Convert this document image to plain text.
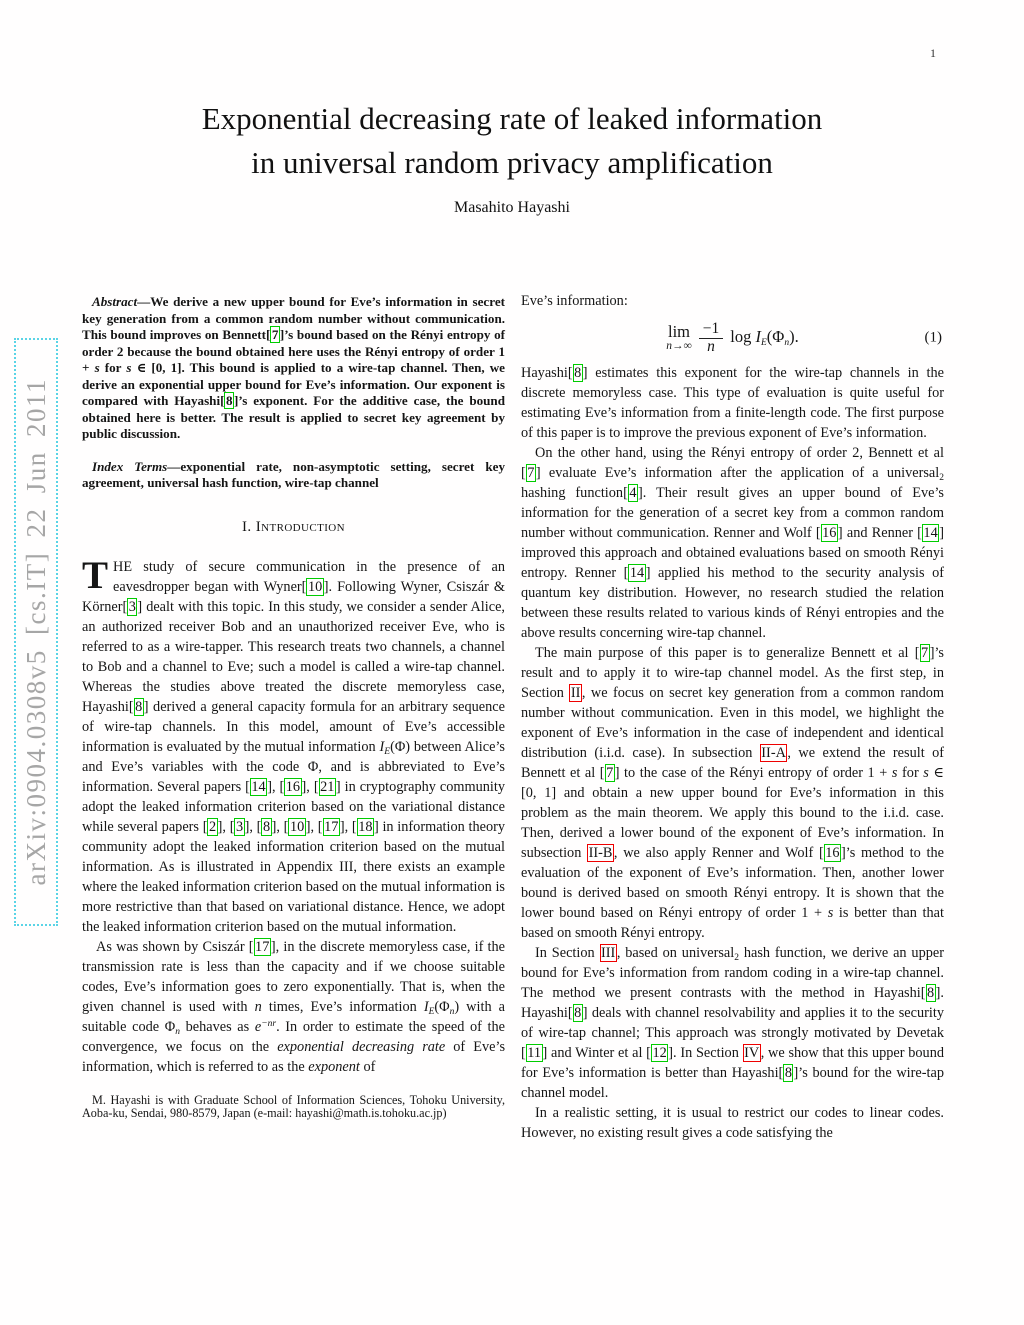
1
arXiv:0904.0308v5 [cs.IT] 22 Jun 2011
Exponential decreasing rate of leaked information
in universal random privacy amplification
Masahito Hayashi

Abstract—We derive a new upper bound for Eve’s information in secret key generation from a common random number without communication. This bound improves on Bennett[ 7 ]’s bound based on the Rényi entropy of order 2 because the bound obtained here uses the Rényi entropy of order 1 + s for s ∈ [0, 1]. This bound is applied to a wire-tap channel. Then, we derive an exponential upper bound for Eve’s information. Our exponent is compared with Hayashi[ 8 ]’s exponent. For the additive case, the bound obtained here is better. The result is applied to secret key agreement by public discussion.

Index Terms—exponential rate, non-asymptotic setting, secret key agreement, universal hash function, wire-tap channel

I. Introduction

THE study of secure communication in the presence of an eavesdropper began with Wyner[ 10 ]. Following Wyner, Csiszár & Körner[ 3 ] dealt with this topic. In this study, we consider a sender Alice, an authorized receiver Bob and an unauthorized receiver Eve, who is referred to as a wire-tapper. This research treats two channels, a channel to Bob and a channel to Eve; such a model is called a wire-tap channel. Whereas the studies above treated the discrete memoryless case, Hayashi[ 8 ] derived a general capacity formula for an arbitrary sequence of wire-tap channels. In this model, amount of Eve’s accessible information is evaluated by the mutual information $I_E(\Phi)$ between Alice’s and Eve’s variables with the code Φ, and is abbreviated to Eve’s information. Several papers [ 14 ], [ 16 ], [ 21 ] in cryptography community adopt the leaked information criterion based on the variational distance while several papers [ 2 ], [ 3 ], [ 8 ], [ 10 ], [ 17 ], [ 18 ] in information theory community adopt the leaked information criterion based on the mutual information. As is illustrated in Appendix III, there exists an example where the leaked information criterion based on the mutual information is more restrictive than that based on variational distance. Hence, we adopt the leaked information criterion based on the mutual information.

As was shown by Csiszár [ 17 ], in the discrete memoryless case, if the transmission rate is less than the capacity and if we choose suitable codes, Eve’s information goes to zero exponentially. That is, when the given channel is used with n times, Eve’s information $I_E(\Phi_n)$ with a suitable code $\Phi_n$ behaves as $e^{-nr}$. In order to estimate the speed of the convergence, we focus on the exponential decreasing rate of Eve’s information, which is referred to as the exponent of

M. Hayashi is with Graduate School of Information Sciences, Tohoku University, Aoba-ku, Sendai, 980-8579, Japan (e-mail: hayashi@math.is.tohoku.ac.jp)

Eve’s information:

lim
$n\to\infty \frac{-1}{n}$ $\log I_E(\Phi_n)$.	(1)

Hayashi[ 8 ] estimates this exponent for the wire-tap channels in the discrete memoryless case. This type of evaluation is quite useful for estimating Eve’s information from a finite-length code. The first purpose of this paper is to improve the previous exponent of Eve’s information.

On the other hand, using the Rényi entropy of order 2, Bennett et al [ 7 ] evaluate Eve’s information after the application of a universal$_2$ hashing function[ 4 ]. Their result gives an upper bound of Eve’s information for the generation of a secret key from a common random number without communication. Renner and Wolf [ 16 ] and Renner [ 14 ] improved this approach and obtained evaluations based on smooth Rényi entropy. Renner [ 14 ] applied his method to the security analysis of quantum key distribution. However, no research studied the relation between these results related to various kinds of Rényi entropies and the above results concerning wire-tap channel.

The main purpose of this paper is to generalize Bennett et al [ 7 ]’s result and to apply it to wire-tap channel model. As the first step, in Section II , we focus on secret key generation from a common random number without communication. Even in this model, we highlight the exponent of Eve’s information in the case of independent and identical distribution (i.i.d. case). In subsection II-A , we extend the result of Bennett et al [ 7 ] to the case of the Rényi entropy of order 1 + s for s ∈ [0, 1] and obtain a new upper bound for Eve’s information in this problem as the main theorem. We apply this bound to the i.i.d. case. Then, derived a lower bound of the exponent of Eve’s information. In subsection II-B , we also apply Renner and Wolf [ 16 ]’s method to the evaluation of the exponent of Eve’s information. Then, another lower bound is derived based on smooth Rényi entropy. It is shown that the lower bound based on Rényi entropy of order 1 + s is better than that based on smooth Rényi entropy.

In Section III , based on universal$_2$ hash function, we derive an upper bound for Eve’s information from random coding in a wire-tap channel. The method we present contrasts with the method in Hayashi[ 8 ]. Hayashi[ 8 ] deals with channel resolvability and applies it to the security of wire-tap channel; This approach was strongly motivated by Devetak [ 11 ] and Winter et al [ 12 ]. In Section IV , we show that this upper bound for Eve’s information is better than Hayashi[ 8 ]’s bound for the wire-tap channel model.

In a realistic setting, it is usual to restrict our codes to linear codes. However, no existing result gives a code satisfying the
